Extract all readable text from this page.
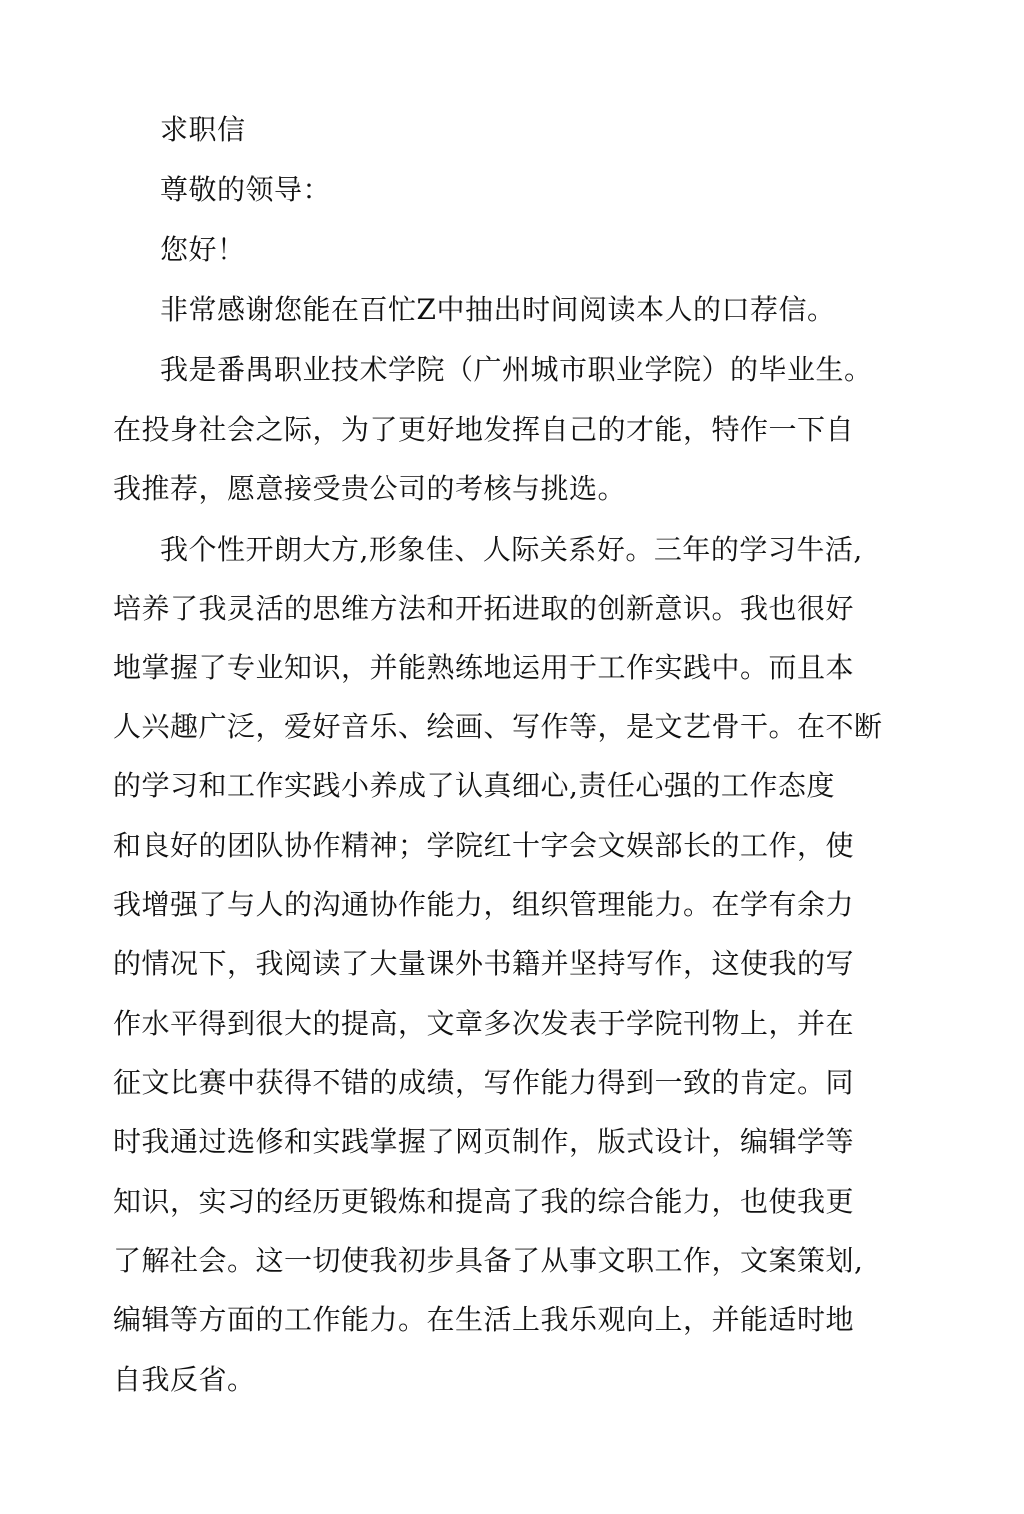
求职信
尊敬的领导：
您好！
非常感谢您能在百忙Z中抽出时间阅读本人的口荐信。
我是番禺职业技术学院（广州城市职业学院）的毕业生。
在投身社会之际，为了更好地发挥自己的才能，特作一下自
我推荐，愿意接受贵公司的考核与挑选。
我个性开朗大方,形象佳、人际关系好。三年的学习牛活,
培养了我灵活的思维方法和开拓进取的创新意识。我也很好
地掌握了专业知识，并能熟练地运用于工作实践中。而且本
人兴趣广泛，爱好音乐、绘画、写作等，是文艺骨干。在不断
的学习和工作实践小养成了认真细心,责任心强的工作态度
和良好的团队协作精神；学院红十字会文娱部长的工作，使
我增强了与人的沟通协作能力，组织管理能力。在学有余力
的情况下，我阅读了大量课外书籍并坚持写作，这使我的写
作水平得到很大的提高，文章多次发表于学院刊物上，并在
征文比赛中获得不错的成绩，写作能力得到一致的肯定。同
时我通过选修和实践掌握了网页制作，版式设计，编辑学等
知识，实习的经历更锻炼和提高了我的综合能力，也使我更
了解社会。这一切使我初步具备了从事文职工作，文案策划,
编辑等方面的工作能力。在生活上我乐观向上，并能适时地
自我反省。
